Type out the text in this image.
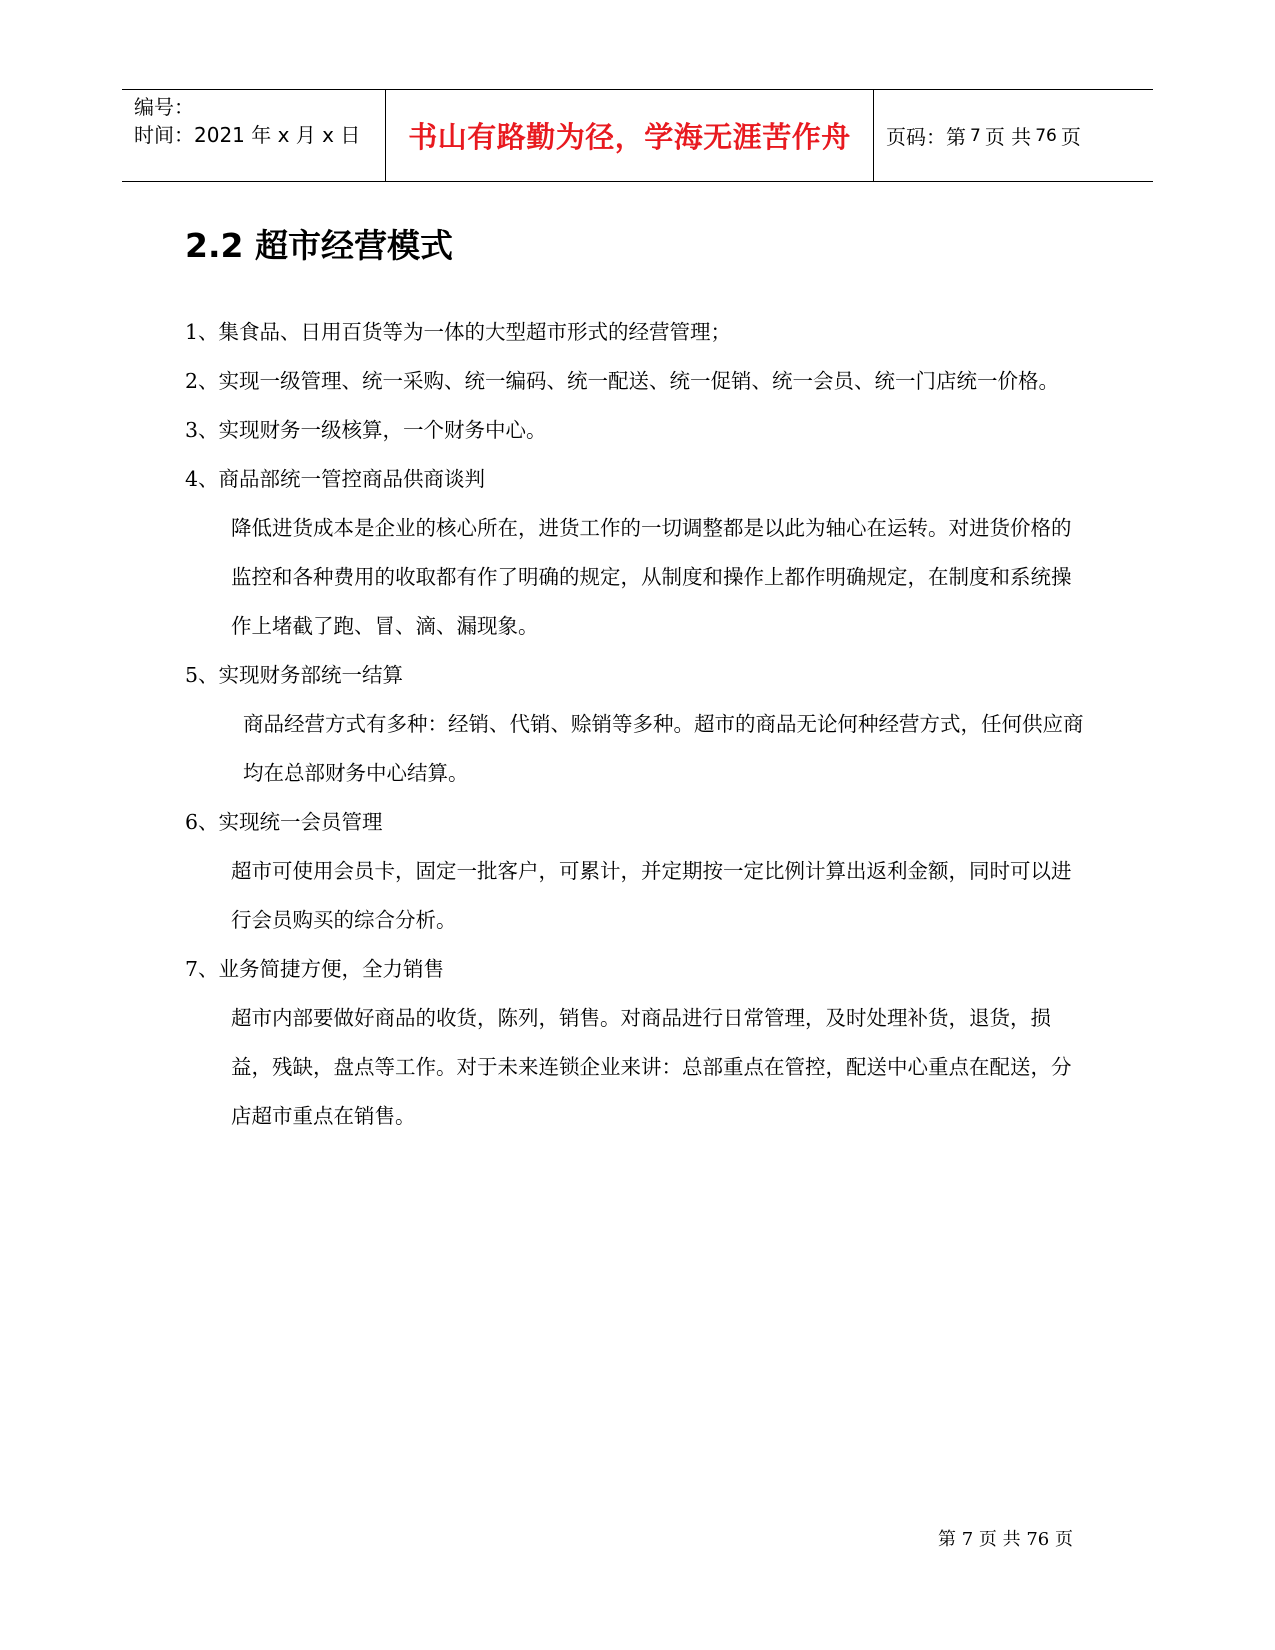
编号：
时间：2021 年 x 月 x 日	书山有路勤为径，学海无涯苦作舟	页码：第 7 页 共 76 页
2.2 超市经营模式

1、集食品、日用百货等为一体的大型超市形式的经营管理；

2、实现一级管理、统一采购、统一编码、统一配送、统一促销、统一会员、统一门店统一价格。

3、实现财务一级核算，一个财务中心。

4、商品部统一管控商品供商谈判

降低进货成本是企业的核心所在，进货工作的一切调整都是以此为轴心在运转。对进货价格的监控和各种费用的收取都有作了明确的规定，从制度和操作上都作明确规定，在制度和系统操作上堵截了跑、冒、滴、漏现象。

5、实现财务部统一结算

商品经营方式有多种：经销、代销、赊销等多种。超市的商品无论何种经营方式，任何供应商均在总部财务中心结算。

6、实现统一会员管理

超市可使用会员卡，固定一批客户，可累计，并定期按一定比例计算出返利金额，同时可以进行会员购买的综合分析。

7、业务简捷方便，全力销售

超市内部要做好商品的收货，陈列，销售。对商品进行日常管理，及时处理补货，退货，损益，残缺，盘点等工作。对于未来连锁企业来讲：总部重点在管控，配送中心重点在配送，分店超市重点在销售。

第 7 页 共 76 页
